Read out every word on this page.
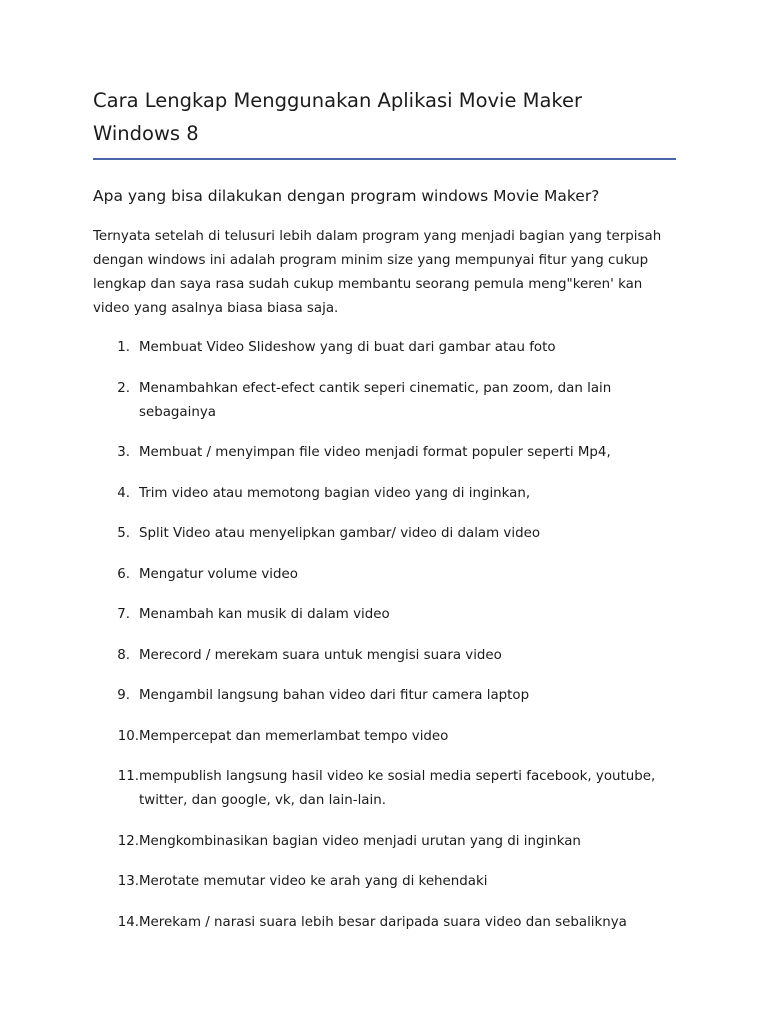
Cara Lengkap Menggunakan Aplikasi Movie Maker Windows 8

Apa yang bisa dilakukan dengan program windows Movie Maker?

Ternyata setelah di telusuri lebih dalam program yang menjadi bagian yang terpisah dengan windows ini adalah program minim size yang mempunyai fitur yang cukup lengkap dan saya rasa sudah cukup membantu seorang pemula meng"keren' kan video yang asalnya biasa biasa saja.

1. Membuat Video Slideshow yang di buat dari gambar atau foto
2. Menambahkan efect-efect cantik seperi cinematic, pan zoom, dan lain sebagainya
3. Membuat / menyimpan file video menjadi format populer seperti Mp4,
4. Trim video atau memotong bagian video yang di inginkan,
5. Split Video atau menyelipkan gambar/ video di dalam video
6. Mengatur volume video
7. Menambah kan musik di dalam video
8. Merecord / merekam suara untuk mengisi suara video
9. Mengambil langsung bahan video dari fitur camera laptop
10. Mempercepat dan memerlambat tempo video
11. mempublish langsung hasil video ke sosial media seperti facebook, youtube, twitter, dan google, vk, dan lain-lain.
12. Mengkombinasikan bagian video menjadi urutan yang di inginkan
13. Merotate memutar video ke arah yang di kehendaki
14. Merekam / narasi suara lebih besar daripada suara video dan sebaliknya
